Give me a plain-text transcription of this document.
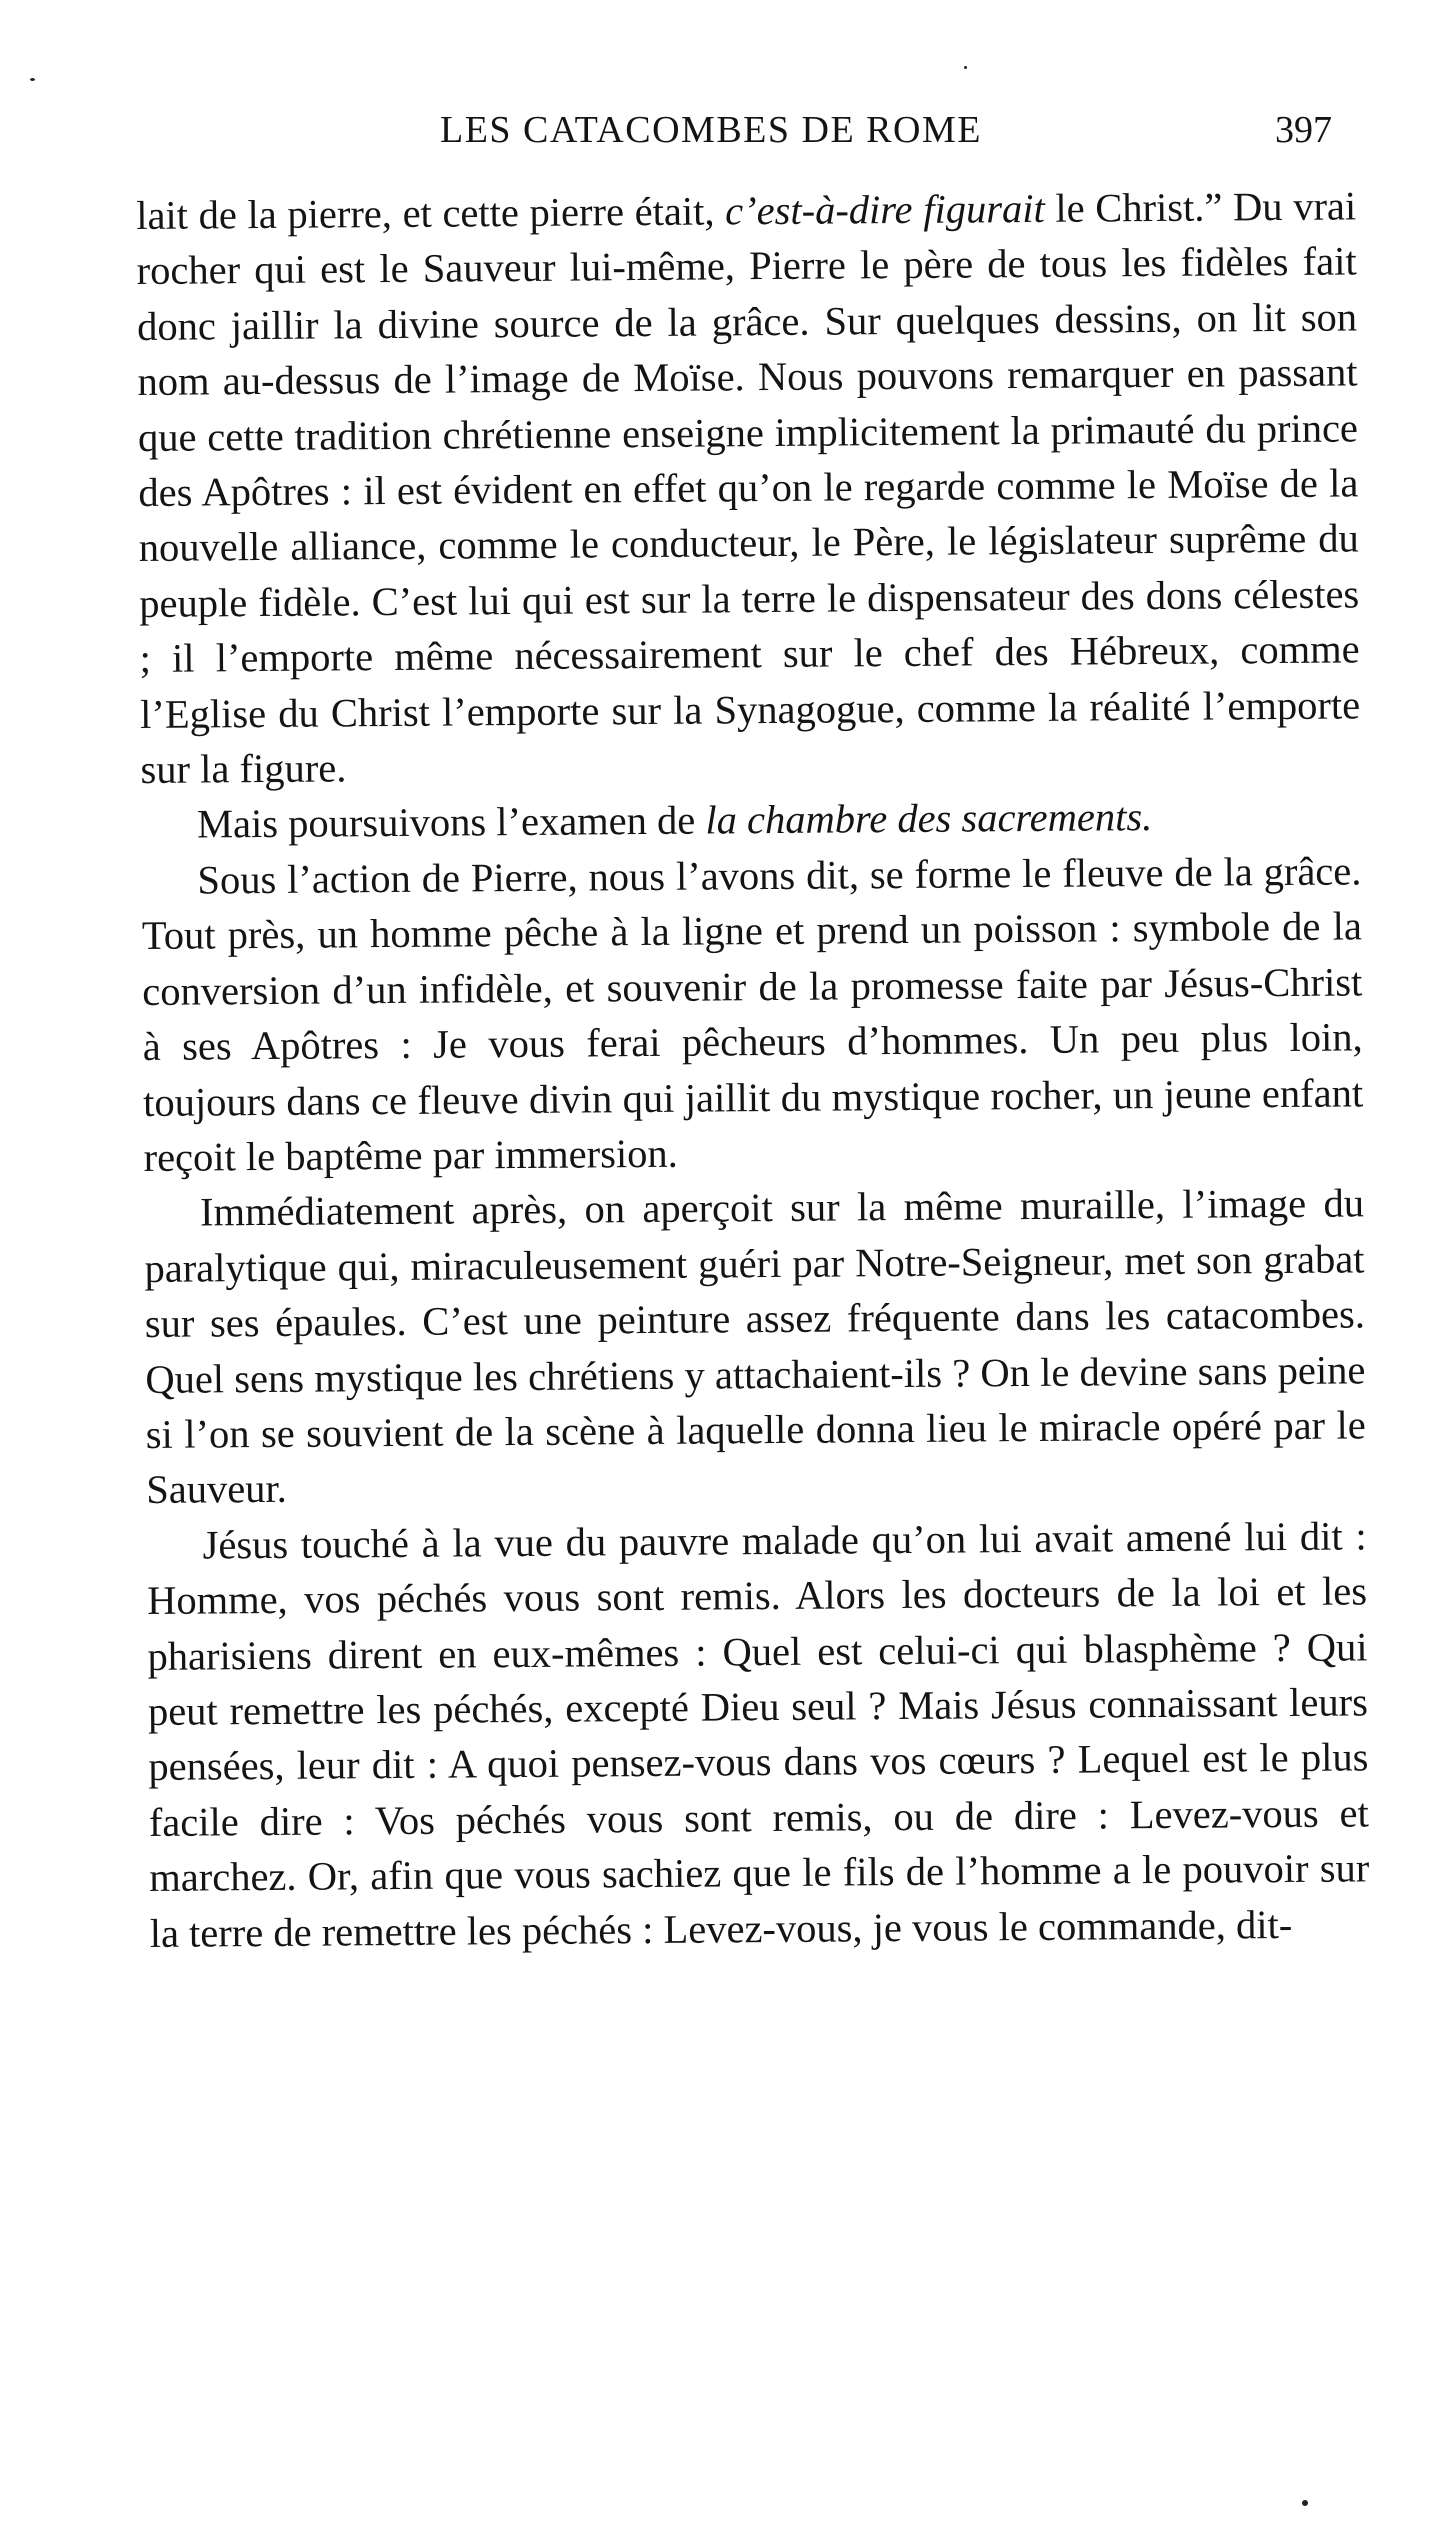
LES CATACOMBES DE ROME	397

lait de la pierre, et cette pierre était, c’est-à-dire figurait le Christ.” Du vrai rocher qui est le Sauveur lui-même, Pierre le père de tous les fidèles fait donc jaillir la divine source de la grâce. Sur quelques dessins, on lit son nom au-dessus de l’image de Moïse. Nous pouvons remarquer en passant que cette tradition chrétienne enseigne implicitement la primauté du prince des Apôtres : il est évident en effet qu’on le regarde comme le Moïse de la nouvelle alliance, comme le conducteur, le Père, le législateur suprême du peuple fidèle. C’est lui qui est sur la terre le dispensateur des dons célestes ; il l’emporte même nécessairement sur le chef des Hébreux, comme l’Eglise du Christ l’emporte sur la Synagogue, comme la réalité l’emporte sur la figure.

Mais poursuivons l’examen de la chambre des sacrements.

Sous l’action de Pierre, nous l’avons dit, se forme le fleuve de la grâce. Tout près, un homme pêche à la ligne et prend un poisson : symbole de la conversion d’un infidèle, et souvenir de la promesse faite par Jésus-Christ à ses Apôtres : Je vous ferai pêcheurs d’hommes. Un peu plus loin, toujours dans ce fleuve divin qui jaillit du mystique rocher, un jeune enfant reçoit le baptême par immersion.

Immédiatement après, on aperçoit sur la même muraille, l’image du paralytique qui, miraculeusement guéri par Notre-Seigneur, met son grabat sur ses épaules. C’est une peinture assez fréquente dans les catacombes. Quel sens mystique les chrétiens y attachaient-ils ? On le devine sans peine si l’on se souvient de la scène à laquelle donna lieu le miracle opéré par le Sauveur.

Jésus touché à la vue du pauvre malade qu’on lui avait amené lui dit : Homme, vos péchés vous sont remis. Alors les docteurs de la loi et les pharisiens dirent en eux-mêmes : Quel est celui-ci qui blasphème ? Qui peut remettre les péchés, excepté Dieu seul ? Mais Jésus connaissant leurs pensées, leur dit : A quoi pensez-vous dans vos cœurs ? Lequel est le plus facile dire : Vos péchés vous sont remis, ou de dire : Levez-vous et marchez. Or, afin que vous sachiez que le fils de l’homme a le pouvoir sur la terre de remettre les péchés : Levez-vous, je vous le commande, dit-
